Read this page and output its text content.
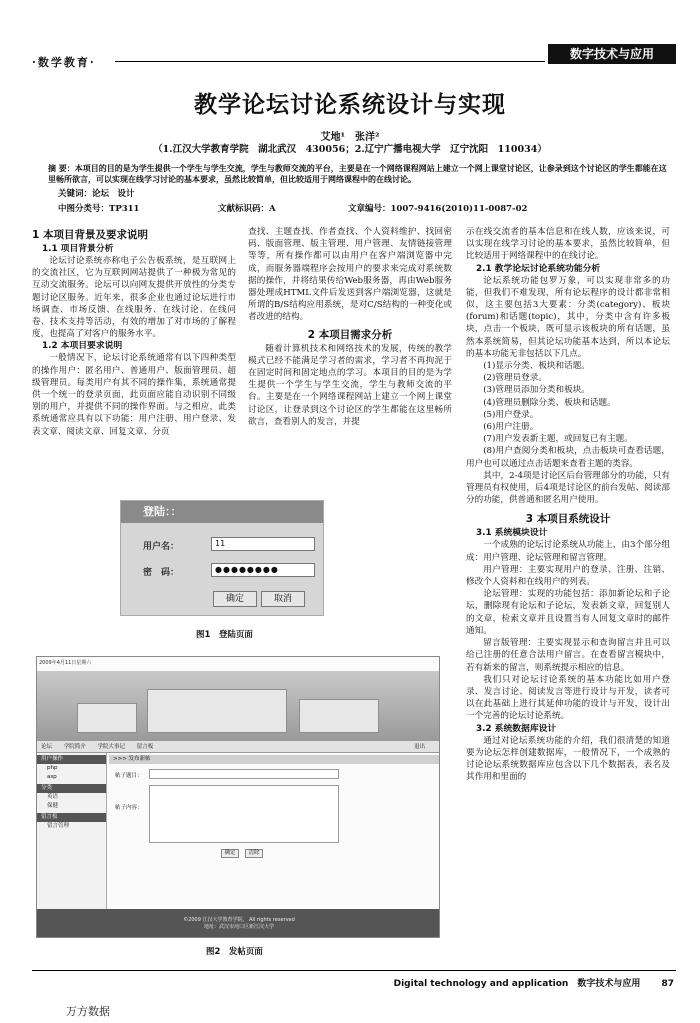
·数学教育·
数字技术与应用
教学论坛讨论系统设计与实现
艾地¹　张洋²
（1.江汉大学教育学院　湖北武汉　430056；2.辽宁广播电视大学　辽宁沈阳　110034）
摘 要：本项目的目的是为学生提供一个学生与学生交流，学生与教师交流的平台，主要是在一个网络课程网站上建立一个网上课堂讨论区，让参录到这个讨论区的学生都能在这里畅所欲言，可以实现在线学习讨论的基本要求，虽然比较简单，但比较适用于网络课程中的在线讨论。
关键词：论坛　设计
中图分类号：TP311	文献标识码：A	文章编号：1007-9416(2010)11-0087-02
1 本项目背景及要求说明
1.1 项目背景分析

论坛讨论系统亦称电子公告板系统，是互联网上的交流社区，它为互联网网站提供了一种极为常见的互动交流服务。论坛可以向网友提供开放性的分类专题讨论区服务。近年来，很多企业也通过论坛进行市场调查、市场反馈、在线服务、在线讨论、在线问卷、技术支持等活动，有效的增加了对市场的了解程度，也提高了对客户的服务水平。

1.2 本项目要求说明

一般情况下，论坛讨论系统通常有以下四种类型的操作用户：匿名用户、普通用户、版面管理员、超级管理员。每类用户有其不同的操作集，系统通常提供一个统一的登录页面，此页面应能自动识别不同级别的用户，并提供不同的操作界面。与之相应，此类系统通常应具有以下功能：用户注册、用户登录、发表文章、阅读文章、回复文章、分页

查找、主题查找、作者查找、个人资料维护、找回密码、版面管理、版主管理、用户管理、友情链接管理等等，所有操作都可以由用户在客户端浏览器中完成，而服务器端程序会按用户的要求来完成对系统数据的操作，并将结果传给Web服务器，再由Web服务器处理成HTML文件后发送到客户端浏览器，这就是所谓的B/S结构应用系统，是对C/S结构的一种变化或者改进的结构。

2 本项目需求分析

随着计算机技术和网络技术的发展，传统的教学模式已经不能满足学习者的需求，学习者不再拘泥于在固定时间和固定地点的学习。本项目的目的是为学生提供一个学生与学生交流，学生与教师交流的平台。主要是在一个网络课程网站上建立一个网上课堂讨论区，让登录到这个讨论区的学生都能在这里畅所欲言，查看别人的发言，并提

示在线交流者的基本信息和在线人数，应该来说，可以实现在线学习讨论的基本要求，虽然比较简单，但比较适用于网络课程中的在线讨论。

2.1 教学论坛讨论系统功能分析

论坛系统功能包罗万象，可以实现非常多的功能，但我们不难发现，所有论坛程序的设计都非常相似，这主要包括3大要素：分类(category)、板块(forum)和话题(topic)，其中，分类中含有许多板块，点击一个板块，既可显示该板块的所有话题，虽然本系统简易，但其论坛功能基本达到，所以本论坛的基本功能无非包括以下几点。

(1)显示分类、板块和话题。

(2)管理员登录。

(3)管理员添加分类和板块。

(4)管理员删除分类、板块和话题。

(5)用户登录。

(6)用户注册。

(7)用户发表新主题，或回复已有主题。

(8)用户查阅分类和板块，点击板块可查看话题，用户也可以通过点击话题来查看主题的类容。

其中，2-4项是讨论区后台管理部分的功能，只有管理员有权使用，后4项是讨论区的前台发帖、阅读部分的功能，供普通和匿名用户使用。

3 本项目系统设计
3.1 系统模块设计

一个成熟的论坛讨论系统从功能上，由3个部分组成：用户管理、论坛管理和留言管理。

用户管理：主要实现用户的登录、注册、注销、修改个人资料和在线用户的列表。

论坛管理：实现的功能包括：添加新论坛和子论坛，删除现有论坛和子论坛，发表新文章，回复别人的文章，检索文章并且设置当有人回复文章时的邮件通知。

留言版管理：主要实现显示和查询留言并且可以给已注册的任意合法用户留言。在查看留言模块中，若有新来的留言，则系统提示相应的信息。

我们只对论坛讨论系统的基本功能比如用户登录、发言讨论、阅读发言等进行设计与开发，读者可以在此基础上进行其延伸功能的设计与开发，设计出一个完善的论坛讨论系统。

3.2 系统数据库设计

通过对论坛系统功能的介绍，我们很清楚的知道要为论坛怎样创建数据库，一般情况下，一个成熟的讨论论坛系统数据库应包含以下几个数据表，表名及其作用和里面的

登陆：：
用户名：	11
密　码：	●●●●●●●●
确定	取消
图1　登陆页面
2009年4月11日星期六
论坛 学院简介 学院大事记 留言板	退出
用户操作
php
asp
分类
英语
保健
留言板
留言管理
>>> 发布新帖
帖子题目：
帖子内容：
确定	清除
©2009 江汉大学教育学院， All rights reserved
地址：武汉市沌口区新江汉大学
图2　发帖页面
Digital technology and application　数字技术与应用 87
万方数据
